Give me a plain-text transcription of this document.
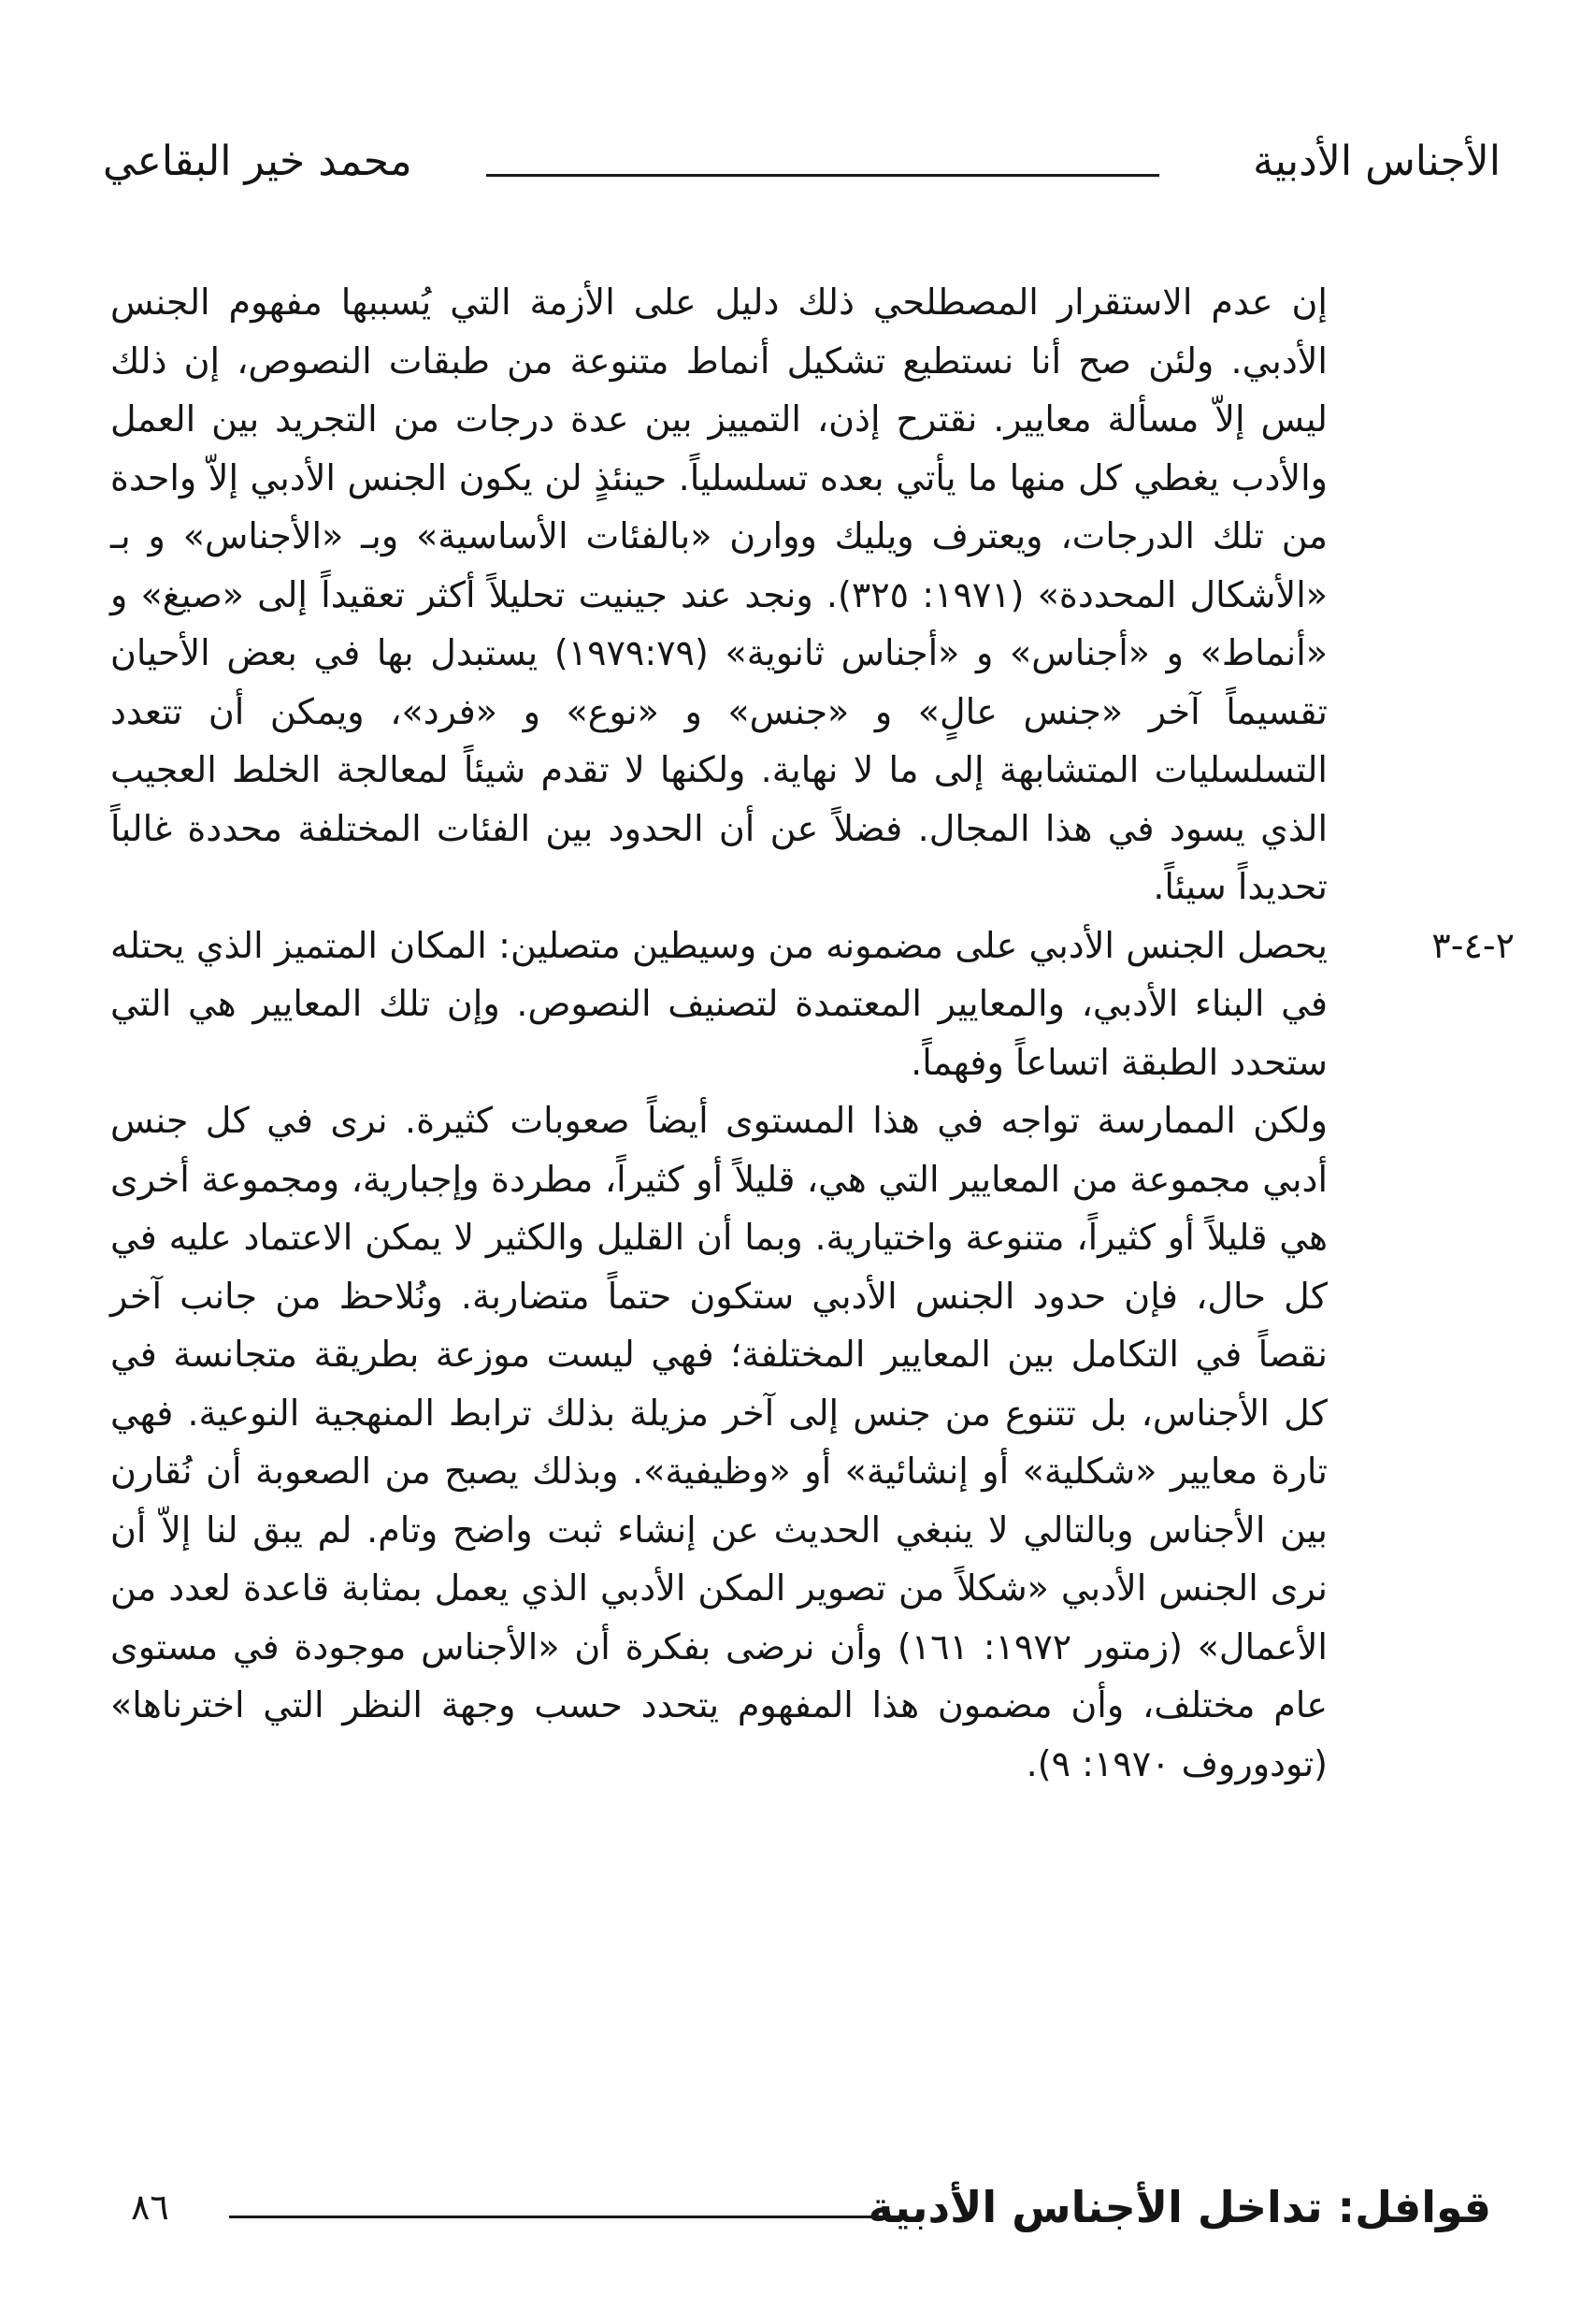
الأجناس الأدبية
محمد خير البقاعي

إن عدم الاستقرار المصطلحي ذلك دليل على الأزمة التي يُسببها مفهوم الجنس الأدبي. ولئن صح أنا نستطيع تشكيل أنماط متنوعة من طبقات النصوص، إن ذلك ليس إلاّ مسألة معايير. نقترح إذن، التمييز بين عدة درجات من التجريد بين العمل والأدب يغطي كل منها ما يأتي بعده تسلسلياً. حينئذٍ لن يكون الجنس الأدبي إلاّ واحدة من تلك الدرجات، ويعترف ويليك ووارن «بالفئات الأساسية» وبـ «الأجناس» و بـ «الأشكال المحددة» (١٩٧١: ٣٢٥). ونجد عند جينيت تحليلاً أكثر تعقيداً إلى «صيغ» و «أنماط» و «أجناس» و «أجناس ثانوية» (١٩٧٩:٧٩) يستبدل بها في بعض الأحيان تقسيماً آخر «جنس عالٍ» و «جنس» و «نوع» و «فرد»، ويمكن أن تتعدد التسلسليات المتشابهة إلى ما لا نهاية. ولكنها لا تقدم شيئاً لمعالجة الخلط العجيب الذي يسود في هذا المجال. فضلاً عن أن الحدود بين الفئات المختلفة محددة غالباً تحديداً سيئاً.

٢-٤-٣

يحصل الجنس الأدبي على مضمونه من وسيطين متصلين: المكان المتميز الذي يحتله في البناء الأدبي، والمعايير المعتمدة لتصنيف النصوص. وإن تلك المعايير هي التي ستحدد الطبقة اتساعاً وفهماً.

ولكن الممارسة تواجه في هذا المستوى أيضاً صعوبات كثيرة. نرى في كل جنس أدبي مجموعة من المعايير التي هي، قليلاً أو كثيراً، مطردة وإجبارية، ومجموعة أخرى هي قليلاً أو كثيراً، متنوعة واختيارية. وبما أن القليل والكثير لا يمكن الاعتماد عليه في كل حال، فإن حدود الجنس الأدبي ستكون حتماً متضاربة. ونُلاحظ من جانب آخر نقصاً في التكامل بين المعايير المختلفة؛ فهي ليست موزعة بطريقة متجانسة في كل الأجناس، بل تتنوع من جنس إلى آخر مزيلة بذلك ترابط المنهجية النوعية. فهي تارة معايير «شكلية» أو إنشائية» أو «وظيفية». وبذلك يصبح من الصعوبة أن نُقارن بين الأجناس وبالتالي لا ينبغي الحديث عن إنشاء ثبت واضح وتام. لم يبق لنا إلاّ أن نرى الجنس الأدبي «شكلاً من تصوير المكن الأدبي الذي يعمل بمثابة قاعدة لعدد من الأعمال» (زمتور ١٩٧٢: ١٦١) وأن نرضى بفكرة أن «الأجناس موجودة في مستوى عام مختلف، وأن مضمون هذا المفهوم يتحدد حسب وجهة النظر التي اخترناها» (تودوروف ١٩٧٠: ٩).

قوافل: تداخل الأجناس الأدبية
٨٦
